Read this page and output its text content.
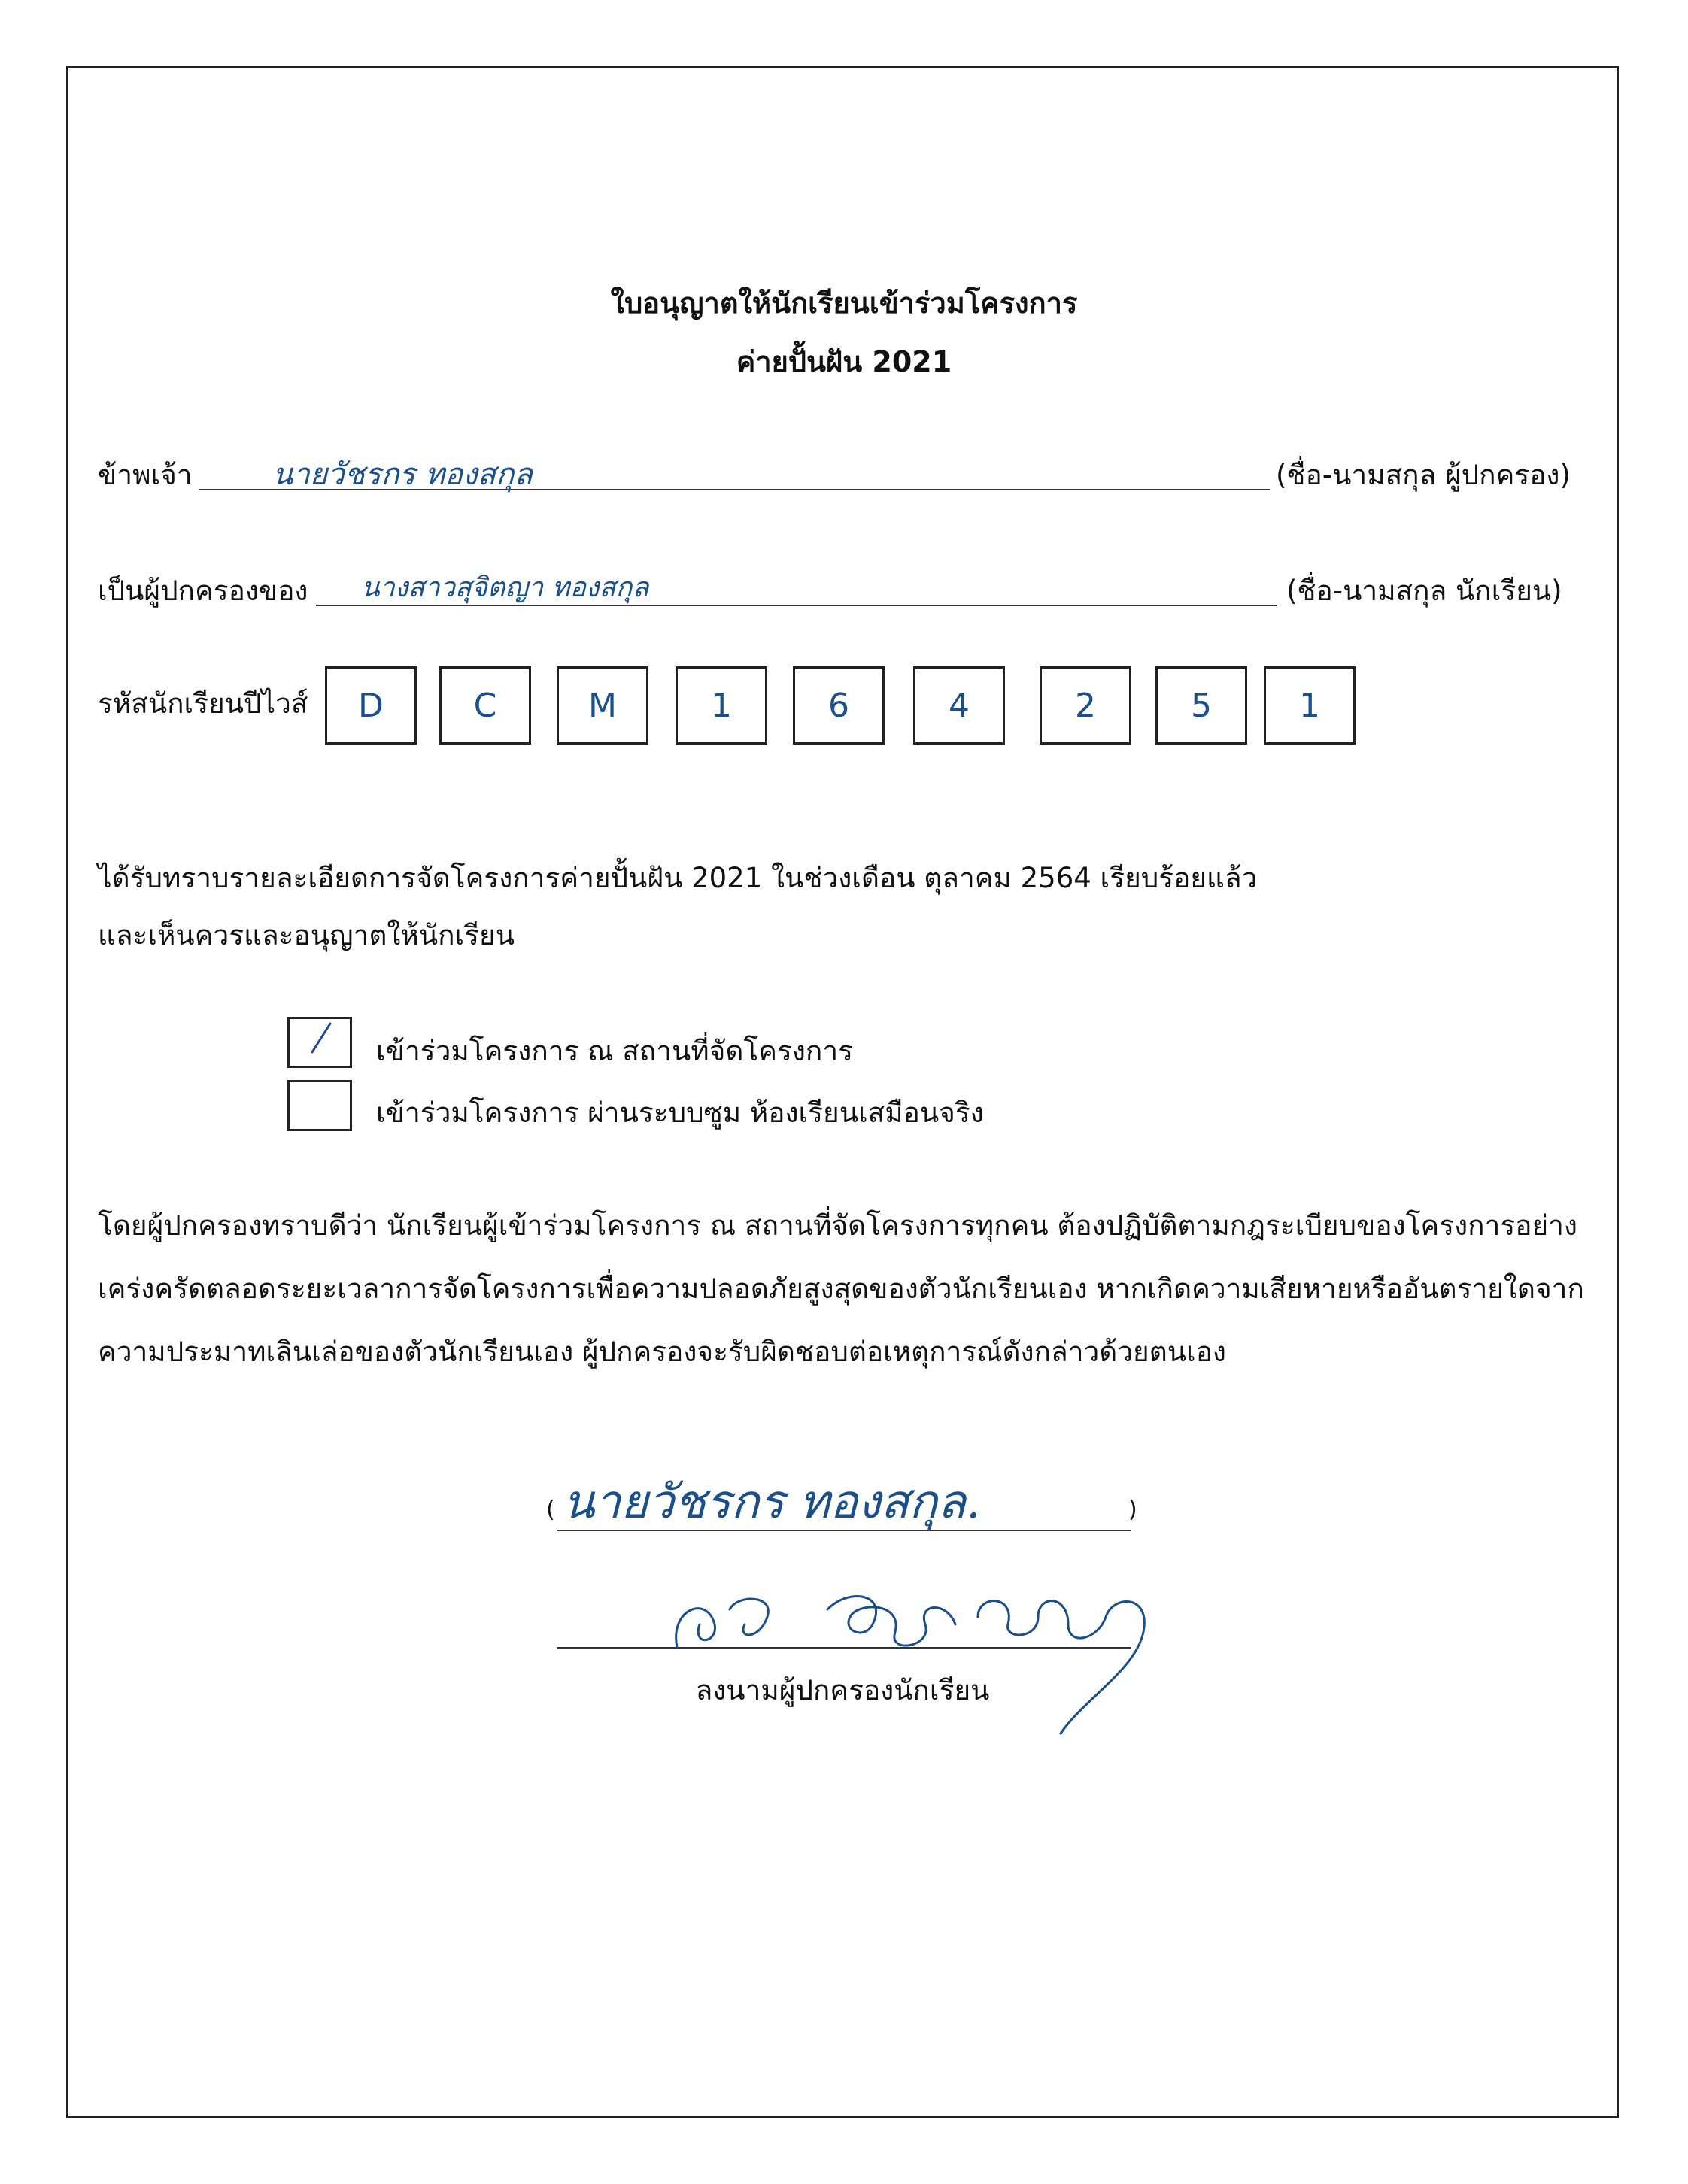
ใบอนุญาตให้นักเรียนเข้าร่วมโครงการ
ค่ายปั้นฝัน 2021
ข้าพเจ้า	นายวัชรกร ทองสกุล	(ชื่อ-นามสกุล ผู้ปกครอง)
เป็นผู้ปกครองของ นางสาวสุจิตญา ทองสกุล	(ชื่อ-นามสกุล นักเรียน)
รหัสนักเรียนปีไวส์	D	C	M	1	6	4	2	5	1
ได้รับทราบรายละเอียดการจัดโครงการค่ายปั้นฝัน 2021 ในช่วงเดือน ตุลาคม 2564 เรียบร้อยแล้ว
และเห็นควรและอนุญาตให้นักเรียน
เข้าร่วมโครงการ ณ สถานที่จัดโครงการ
เข้าร่วมโครงการ ผ่านระบบซูม ห้องเรียนเสมือนจริง
โดยผู้ปกครองทราบดีว่า นักเรียนผู้เข้าร่วมโครงการ ณ สถานที่จัดโครงการทุกคน ต้องปฏิบัติตามกฎระเบียบของโครงการอย่าง
เคร่งครัดตลอดระยะเวลาการจัดโครงการเพื่อความปลอดภัยสูงสุดของตัวนักเรียนเอง หากเกิดความเสียหายหรืออันตรายใดจาก
ความประมาทเลินเล่อของตัวนักเรียนเอง ผู้ปกครองจะรับผิดชอบต่อเหตุการณ์ดังกล่าวด้วยตนเอง
( นายวัชรกร ทองสกุล.	)
ลงนามผู้ปกครองนักเรียน
